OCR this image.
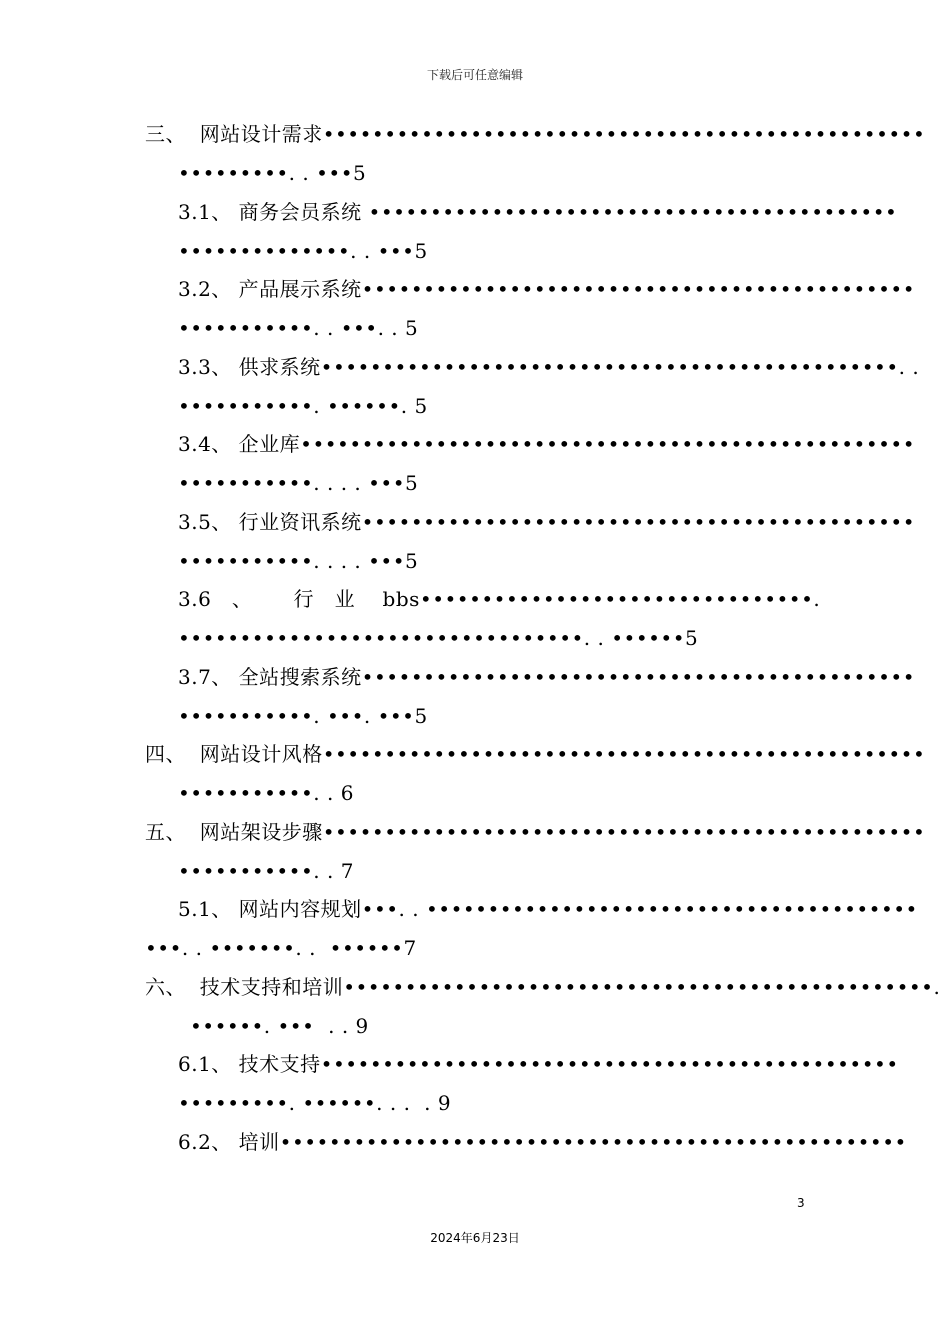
下载后可任意编辑
三、  网站设计需求•••••••••••••••••••••••••••••••••••••••••••••••••
•••••••••. . •••5
3.1、 商务会员系统 •••••••••••••••••••••••••••••••••••••••••••
••••••••••••••. . •••5
3.2、 产品展示系统•••••••••••••••••••••••••••••••••••••••••••••
•••••••••••. . •••. . 5
3.3、 供求系统•••••••••••••••••••••••••••••••••••••••••••••••. .
•••••••••••. ••••••. 5
3.4、 企业库••••••••••••••••••••••••••••••••••••••••••••••••••
•••••••••••. . . . •••5
3.5、 行业资讯系统•••••••••••••••••••••••••••••••••••••••••••••
•••••••••••. . . . •••5
3.6   、      行   业    bbs••••••••••••••••••••••••••••••••.
•••••••••••••••••••••••••••••••••. . ••••••5
3.7、 全站搜索系统•••••••••••••••••••••••••••••••••••••••••••••
•••••••••••. •••. •••5
四、  网站设计风格•••••••••••••••••••••••••••••••••••••••••••••••••
•••••••••••. . 6
五、  网站架设步骤•••••••••••••••••••••••••••••••••••••••••••••••••
•••••••••••. . 7
5.1、 网站内容规划•••. . ••••••••••••••••••••••••••••••••••••••••
•••. . •••••••. .  ••••••7
六、  技术支持和培训••••••••••••••••••••••••••••••••••••••••••••••••.
••••••. •••  . . 9
6.1、 技术支持•••••••••••••••••••••••••••••••••••••••••••••••
•••••••••. ••••••. . .  . 9
6.2、 培训•••••••••••••••••••••••••••••••••••••••••••••••••••
3
2024年6月23日
